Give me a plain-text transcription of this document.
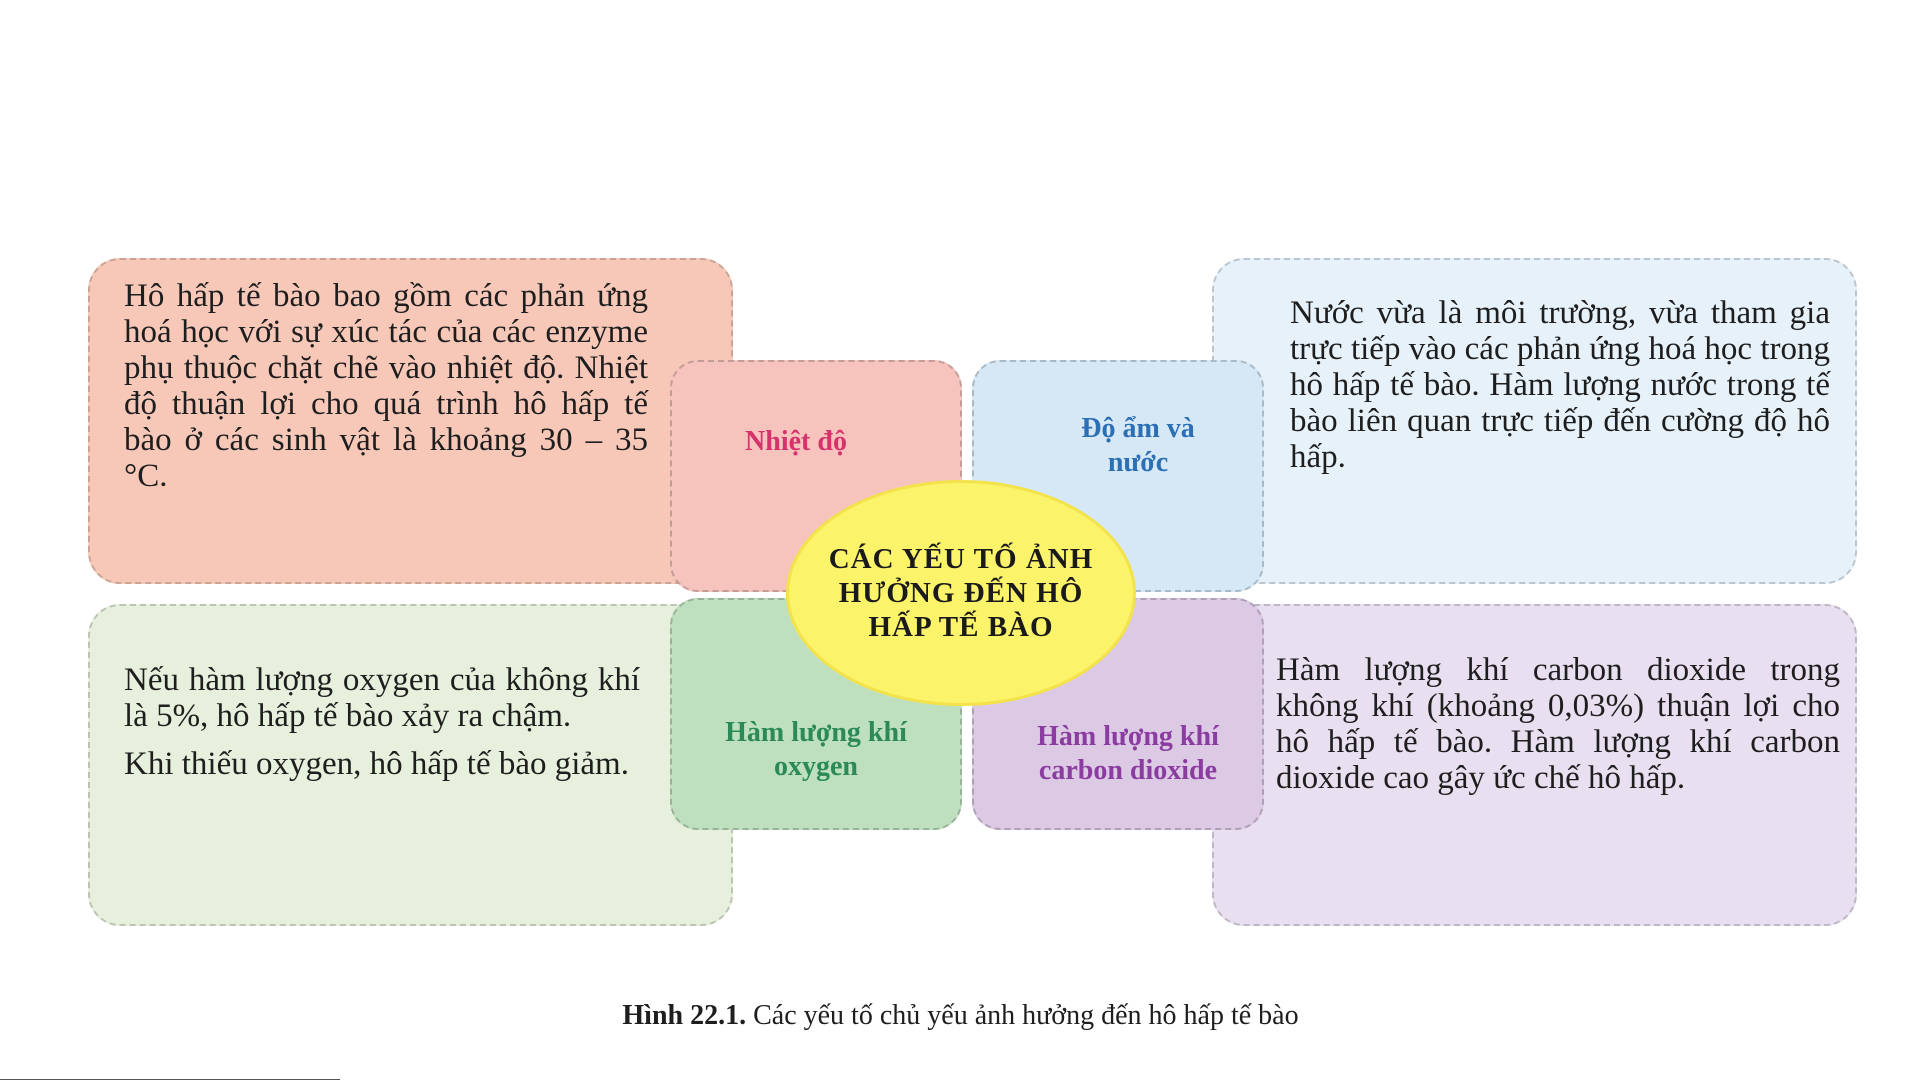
Hô hấp tế bào bao gồm các phản ứng hoá học với sự xúc tác của các enzyme phụ thuộc chặt chẽ vào nhiệt độ. Nhiệt độ thuận lợi cho quá trình hô hấp tế bào ở các sinh vật là khoảng 30 – 35 °C.

Nước vừa là môi trường, vừa tham gia trực tiếp vào các phản ứng hoá học trong hô hấp tế bào. Hàm lượng nước trong tế bào liên quan trực tiếp đến cường độ hô hấp.

Nếu hàm lượng oxygen của không khí là 5%, hô hấp tế bào xảy ra chậm.

Khi thiếu oxygen, hô hấp tế bào giảm.

Hàm lượng khí carbon dioxide trong không khí (khoảng 0,03%) thuận lợi cho hô hấp tế bào. Hàm lượng khí carbon dioxide cao gây ức chế hô hấp.

Nhiệt độ	Độ ẩm và nước
Hàm lượng khí oxygen
Hàm lượng khí carbon dioxide
CÁC YẾU TỐ ẢNH HƯỞNG ĐẾN HÔ HẤP TẾ BÀO
Hình 22.1. Các yếu tố chủ yếu ảnh hưởng đến hô hấp tế bào
